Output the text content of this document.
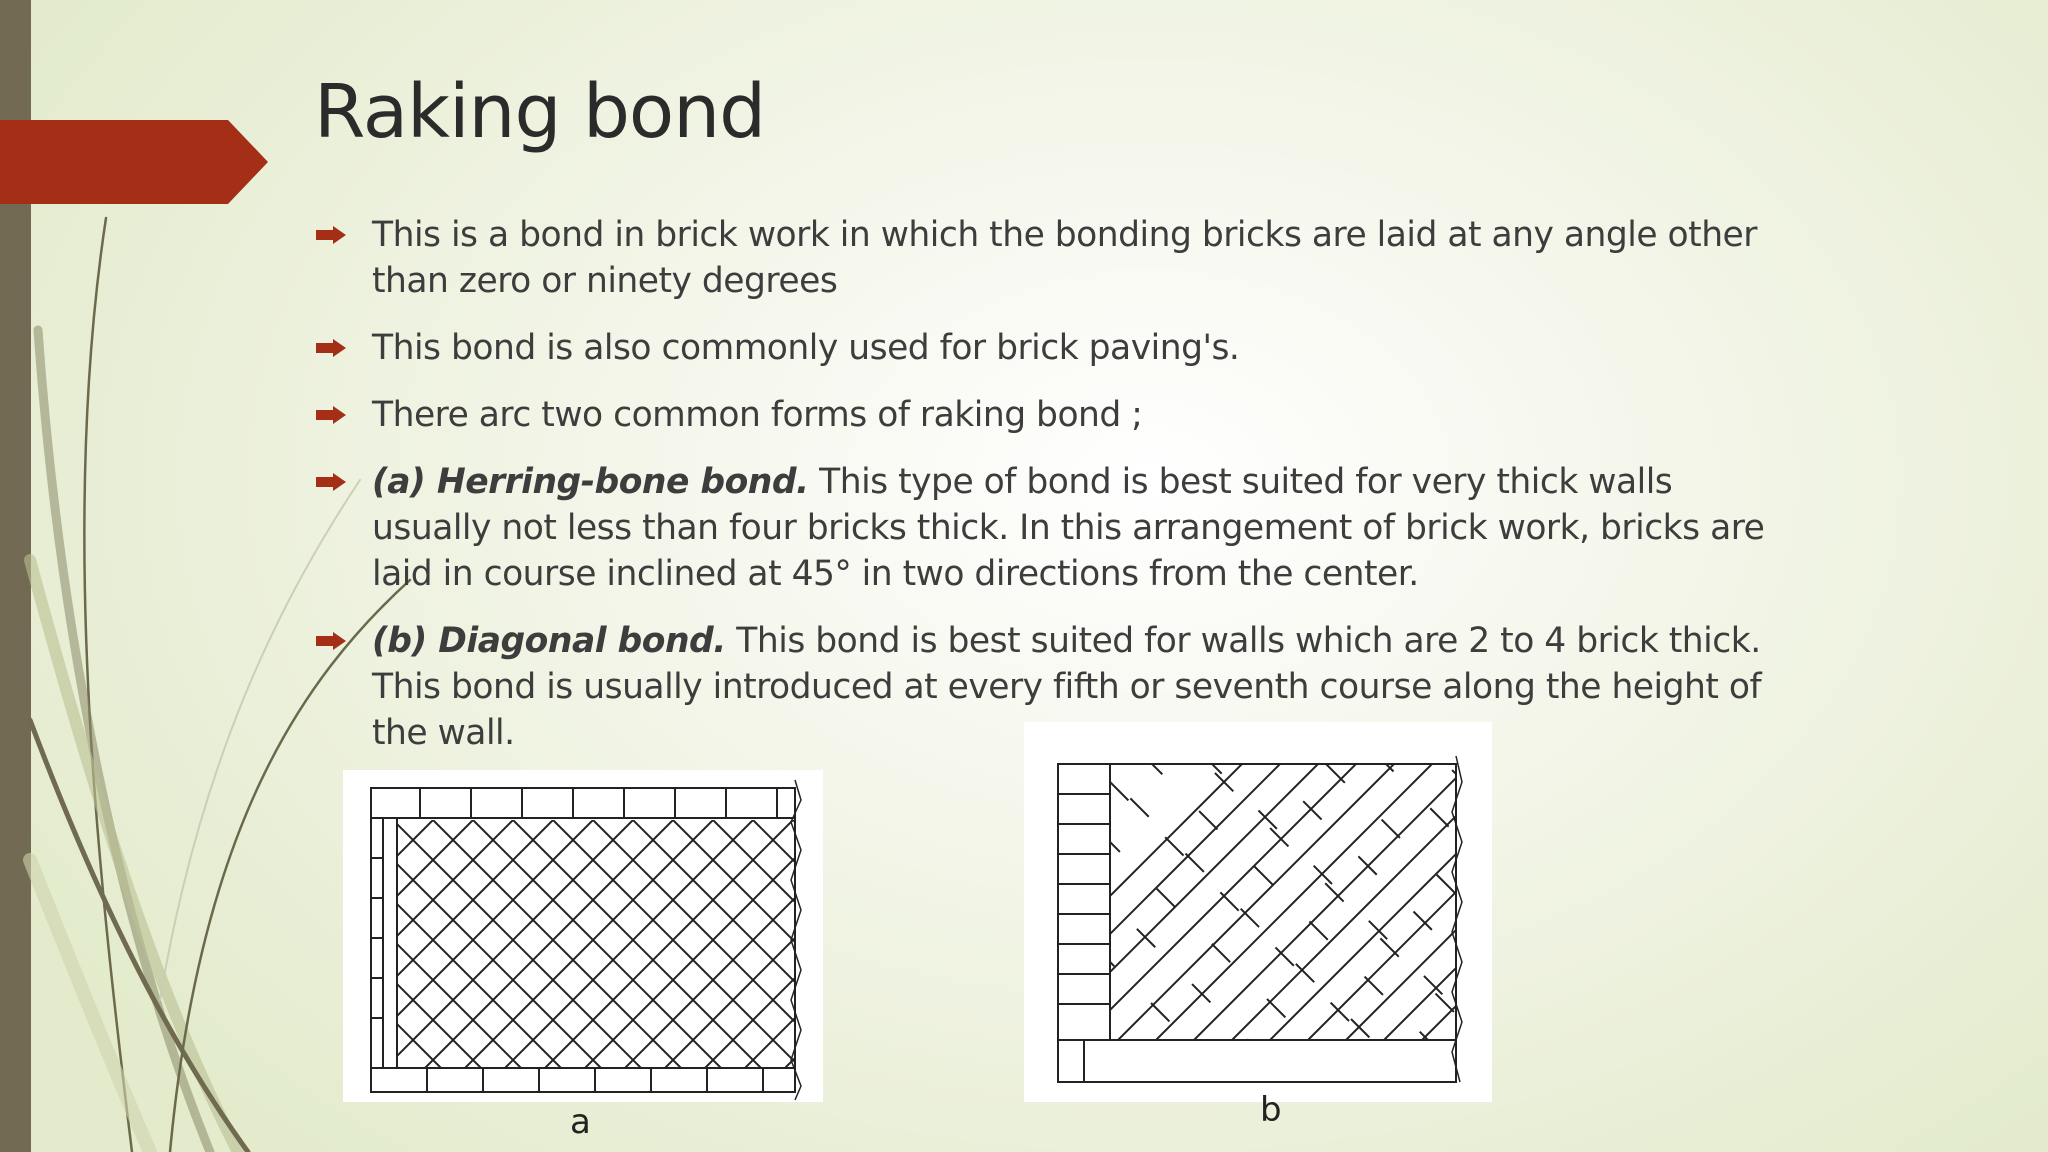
Raking bond
This is a bond in brick work in which the bonding bricks are laid at any angle other than zero or ninety degrees
This bond is also commonly used for brick paving's.
There arc two common forms of raking bond ;
(a) Herring-bone bond. This type of bond is best suited for very thick walls usually not less than four bricks thick. In this arrangement of brick work, bricks are laid in course inclined at 45° in two directions from the center.
(b) Diagonal bond. This bond is best suited for walls which are 2 to 4 brick thick. This bond is usually introduced at every fifth or seventh course along the height of the wall.
a	b
